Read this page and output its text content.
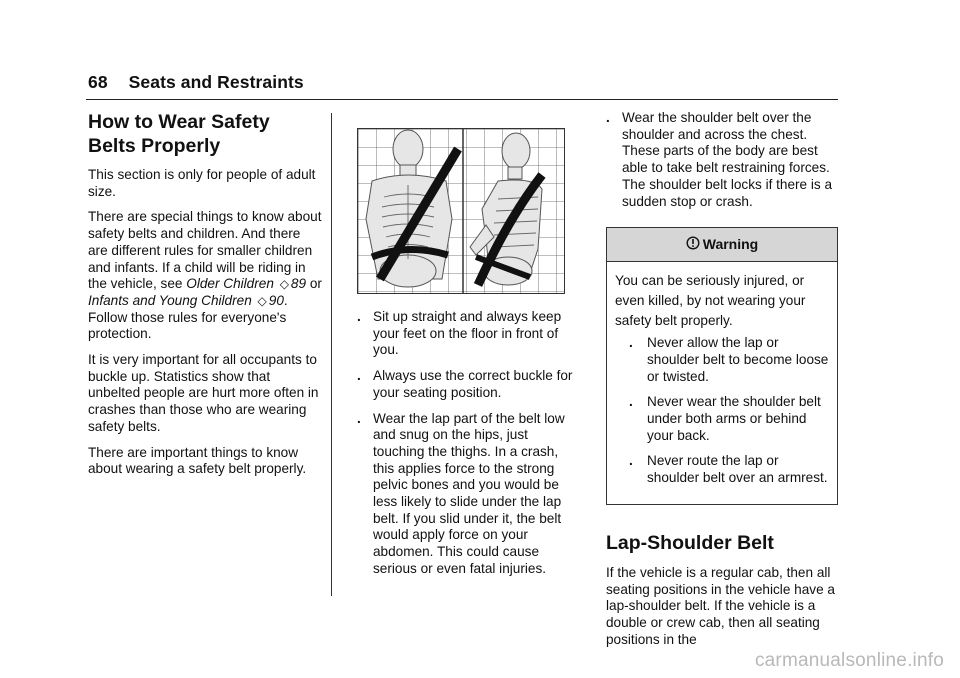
68 Seats and Restraints
How to Wear Safety Belts Properly

This section is only for people of adult size.

There are special things to know about safety belts and children. And there are different rules for smaller children and infants. If a child will be riding in the vehicle, see Older Children ◇ 89 or Infants and Young Children ◇ 90. Follow those rules for everyone's protection.

It is very important for all occupants to buckle up. Statistics show that unbelted people are hurt more often in crashes than those who are wearing safety belts.

There are important things to know about wearing a safety belt properly.

. Sit up straight and always keep your feet on the floor in front of you.
. Always use the correct buckle for your seating position.
. Wear the lap part of the belt low and snug on the hips, just touching the thighs. In a crash, this applies force to the strong pelvic bones and you would be less likely to slide under the lap belt. If you slid under it, the belt would apply force on your abdomen. This could cause serious or even fatal injuries.
. Wear the shoulder belt over the shoulder and across the chest. These parts of the body are best able to take belt restraining forces. The shoulder belt locks if there is a sudden stop or crash.
Warning

You can be seriously injured, or even killed, by not wearing your safety belt properly.

. Never allow the lap or shoulder belt to become loose or twisted.
. Never wear the shoulder belt under both arms or behind your back.
. Never route the lap or shoulder belt over an armrest.
Lap-Shoulder Belt

If the vehicle is a regular cab, then all seating positions in the vehicle have a lap-shoulder belt. If the vehicle is a double or crew cab, then all seating positions in the

carmanualsonline.info
